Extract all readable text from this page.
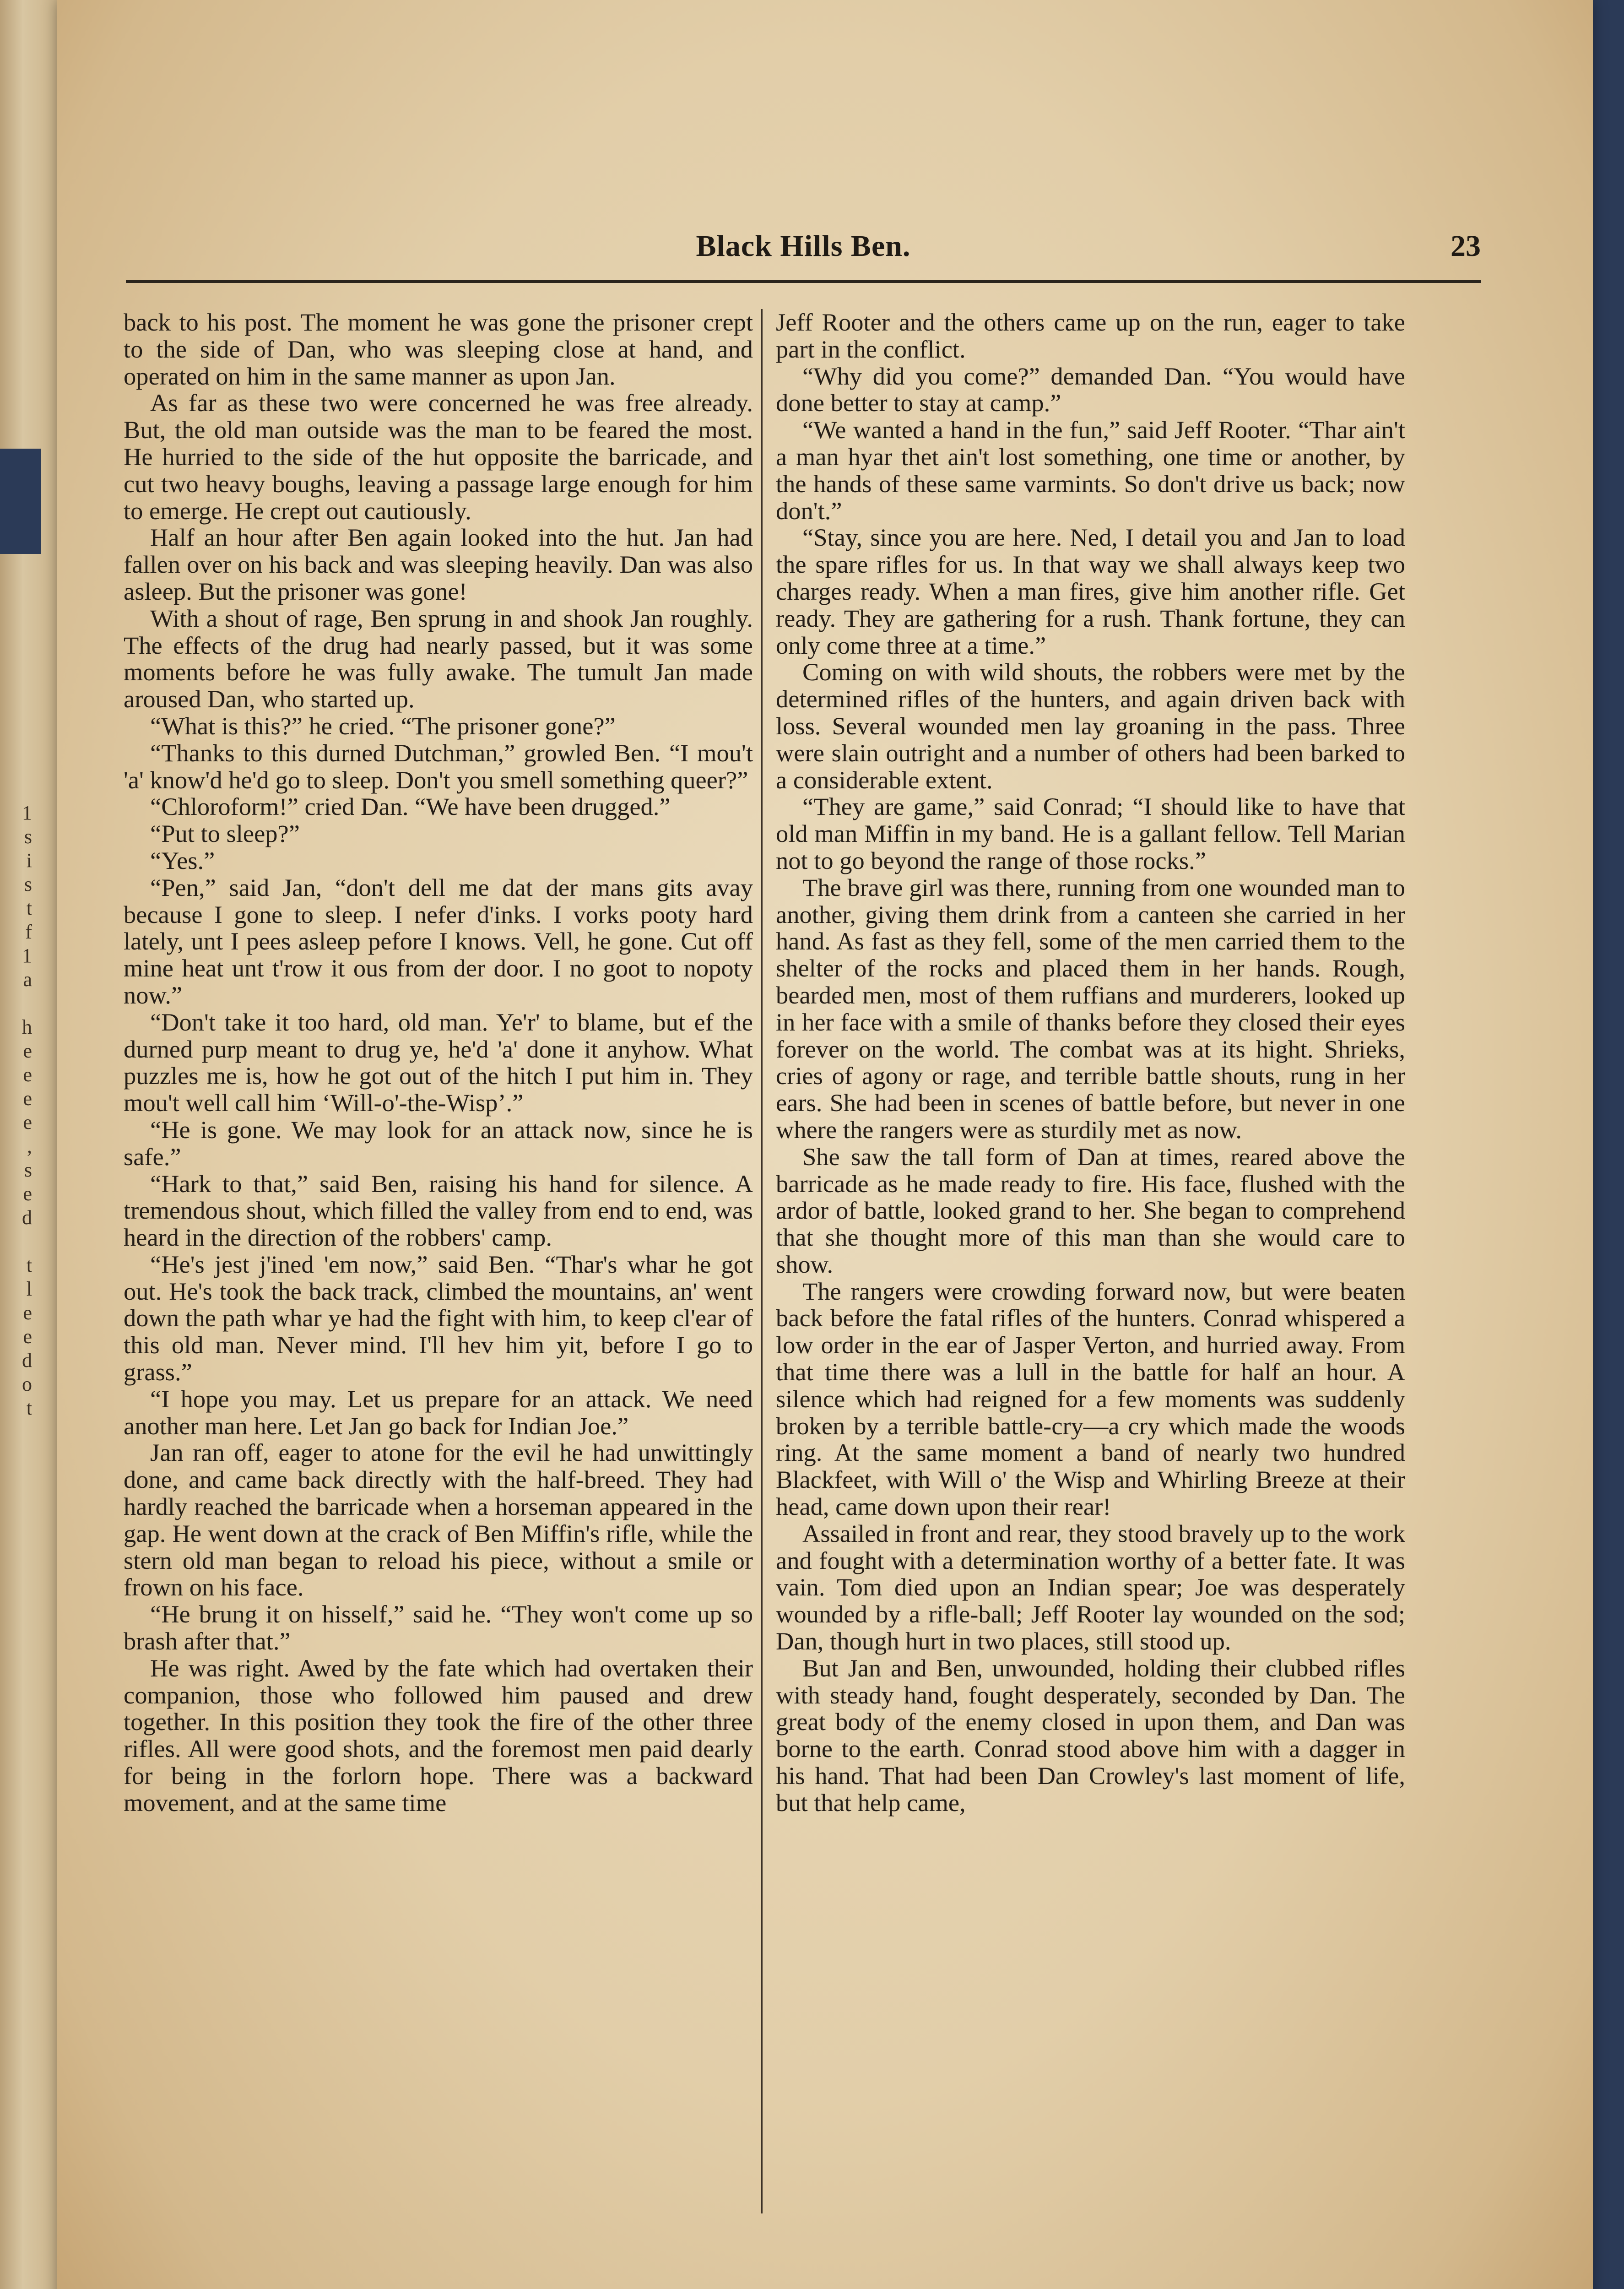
1
s
i
s
t
f
1
a

h
e
e
e
e
,
s
e
d

t
l
e
e
d
o
t
Black Hills Ben.	23

back to his post. The moment he was gone the prisoner crept to the side of Dan, who was sleeping close at hand, and operated on him in the same manner as upon Jan.

As far as these two were concerned he was free already. But, the old man outside was the man to be feared the most. He hurried to the side of the hut opposite the barricade, and cut two heavy boughs, leaving a passage large enough for him to emerge. He crept out cautiously.

Half an hour after Ben again looked into the hut. Jan had fallen over on his back and was sleeping heavily. Dan was also asleep. But the prisoner was gone!

With a shout of rage, Ben sprung in and shook Jan roughly. The effects of the drug had nearly passed, but it was some moments before he was fully awake. The tumult Jan made aroused Dan, who started up.

“What is this?” he cried. “The prisoner gone?”

“Thanks to this durned Dutchman,” growled Ben. “I mou't 'a' know'd he'd go to sleep. Don't you smell something queer?”

“Chloroform!” cried Dan. “We have been drugged.”

“Put to sleep?”

“Yes.”

“Pen,” said Jan, “don't dell me dat der mans gits avay because I gone to sleep. I nefer d'inks. I vorks pooty hard lately, unt I pees asleep pefore I knows. Vell, he gone. Cut off mine heat unt t'row it ous from der door. I no goot to nopoty now.”

“Don't take it too hard, old man. Ye'r' to blame, but ef the durned purp meant to drug ye, he'd 'a' done it anyhow. What puzzles me is, how he got out of the hitch I put him in. They mou't well call him ‘Will-o'-the-Wisp’.”

“He is gone. We may look for an attack now, since he is safe.”

“Hark to that,” said Ben, raising his hand for silence. A tremendous shout, which filled the valley from end to end, was heard in the direction of the robbers' camp.

“He's jest j'ined 'em now,” said Ben. “Thar's whar he got out. He's took the back track, climbed the mountains, an' went down the path whar ye had the fight with him, to keep cl'ear of this old man. Never mind. I'll hev him yit, before I go to grass.”

“I hope you may. Let us prepare for an attack. We need another man here. Let Jan go back for Indian Joe.”

Jan ran off, eager to atone for the evil he had unwittingly done, and came back directly with the half-breed. They had hardly reached the barricade when a horseman appeared in the gap. He went down at the crack of Ben Miffin's rifle, while the stern old man began to reload his piece, without a smile or frown on his face.

“He brung it on hisself,” said he. “They won't come up so brash after that.”

He was right. Awed by the fate which had overtaken their companion, those who followed him paused and drew together. In this position they took the fire of the other three rifles. All were good shots, and the foremost men paid dearly for being in the forlorn hope. There was a backward movement, and at the same time

Jeff Rooter and the others came up on the run, eager to take part in the conflict.

“Why did you come?” demanded Dan. “You would have done better to stay at camp.”

“We wanted a hand in the fun,” said Jeff Rooter. “Thar ain't a man hyar thet ain't lost something, one time or another, by the hands of these same varmints. So don't drive us back; now don't.”

“Stay, since you are here. Ned, I detail you and Jan to load the spare rifles for us. In that way we shall always keep two charges ready. When a man fires, give him another rifle. Get ready. They are gathering for a rush. Thank fortune, they can only come three at a time.”

Coming on with wild shouts, the robbers were met by the determined rifles of the hunters, and again driven back with loss. Several wounded men lay groaning in the pass. Three were slain outright and a number of others had been barked to a considerable extent.

“They are game,” said Conrad; “I should like to have that old man Miffin in my band. He is a gallant fellow. Tell Marian not to go beyond the range of those rocks.”

The brave girl was there, running from one wounded man to another, giving them drink from a canteen she carried in her hand. As fast as they fell, some of the men carried them to the shelter of the rocks and placed them in her hands. Rough, bearded men, most of them ruffians and murderers, looked up in her face with a smile of thanks before they closed their eyes forever on the world. The combat was at its hight. Shrieks, cries of agony or rage, and terrible battle shouts, rung in her ears. She had been in scenes of battle before, but never in one where the rangers were as sturdily met as now.

She saw the tall form of Dan at times, reared above the barricade as he made ready to fire. His face, flushed with the ardor of battle, looked grand to her. She began to comprehend that she thought more of this man than she would care to show.

The rangers were crowding forward now, but were beaten back before the fatal rifles of the hunters. Conrad whispered a low order in the ear of Jasper Verton, and hurried away. From that time there was a lull in the battle for half an hour. A silence which had reigned for a few moments was suddenly broken by a terrible battle-cry—a cry which made the woods ring. At the same moment a band of nearly two hundred Blackfeet, with Will o' the Wisp and Whirling Breeze at their head, came down upon their rear!

Assailed in front and rear, they stood bravely up to the work and fought with a determination worthy of a better fate. It was vain. Tom died upon an Indian spear; Joe was desperately wounded by a rifle-ball; Jeff Rooter lay wounded on the sod; Dan, though hurt in two places, still stood up.

But Jan and Ben, unwounded, holding their clubbed rifles with steady hand, fought desperately, seconded by Dan. The great body of the enemy closed in upon them, and Dan was borne to the earth. Conrad stood above him with a dagger in his hand. That had been Dan Crowley's last moment of life, but that help came,
